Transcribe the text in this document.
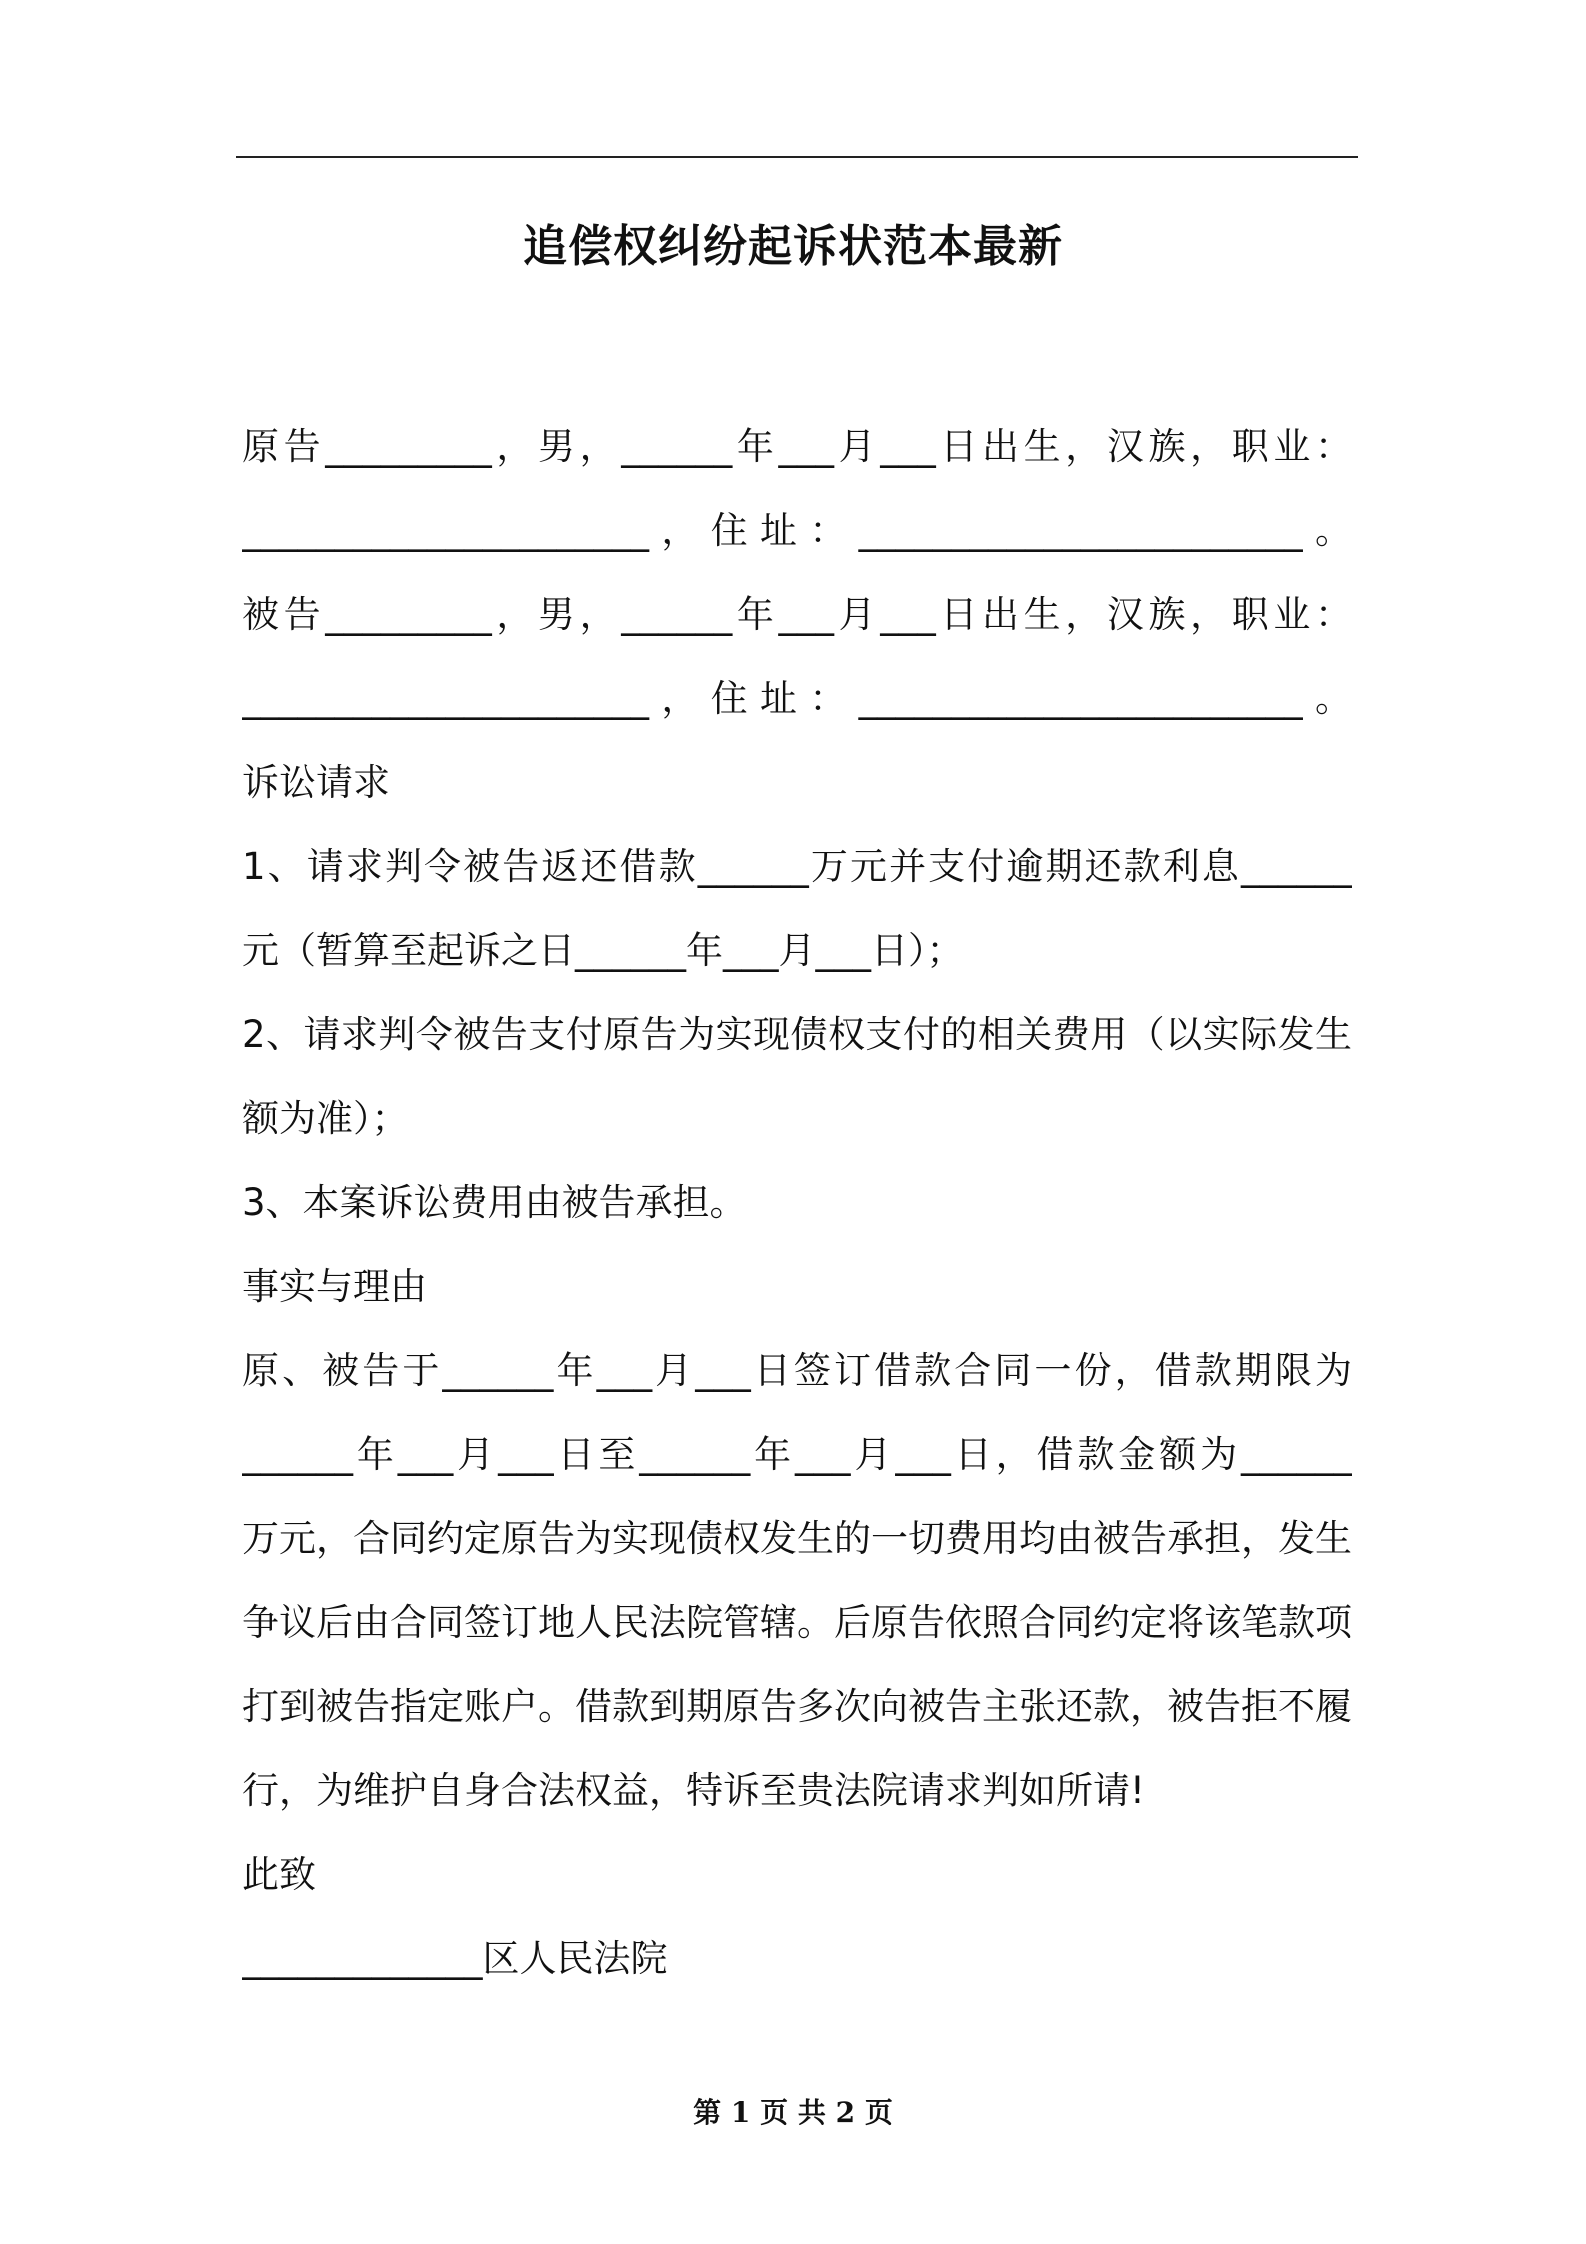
追偿权纠纷起诉状范本最新
原告_________，男，______年___月___日出生，汉族，职业：
______________________，住址：________________________。
被告_________，男，______年___月___日出生，汉族，职业：
______________________，住址：________________________。
诉讼请求
1、请求判令被告返还借款______万元并支付逾期还款利息______
元（暂算至起诉之日______年___月___日）；
2、请求判令被告支付原告为实现债权支付的相关费用（以实际发生
额为准）；
3、本案诉讼费用由被告承担。
事实与理由
原、被告于______年___月___日签订借款合同一份，借款期限为
______年___月___日至______年___月___日，借款金额为______
万元，合同约定原告为实现债权发生的一切费用均由被告承担，发生
争议后由合同签订地人民法院管辖。后原告依照合同约定将该笔款项
打到被告指定账户。借款到期原告多次向被告主张还款，被告拒不履
行，为维护自身合法权益，特诉至贵法院请求判如所请!
此致
_____________区人民法院
第 1 页 共 2 页
